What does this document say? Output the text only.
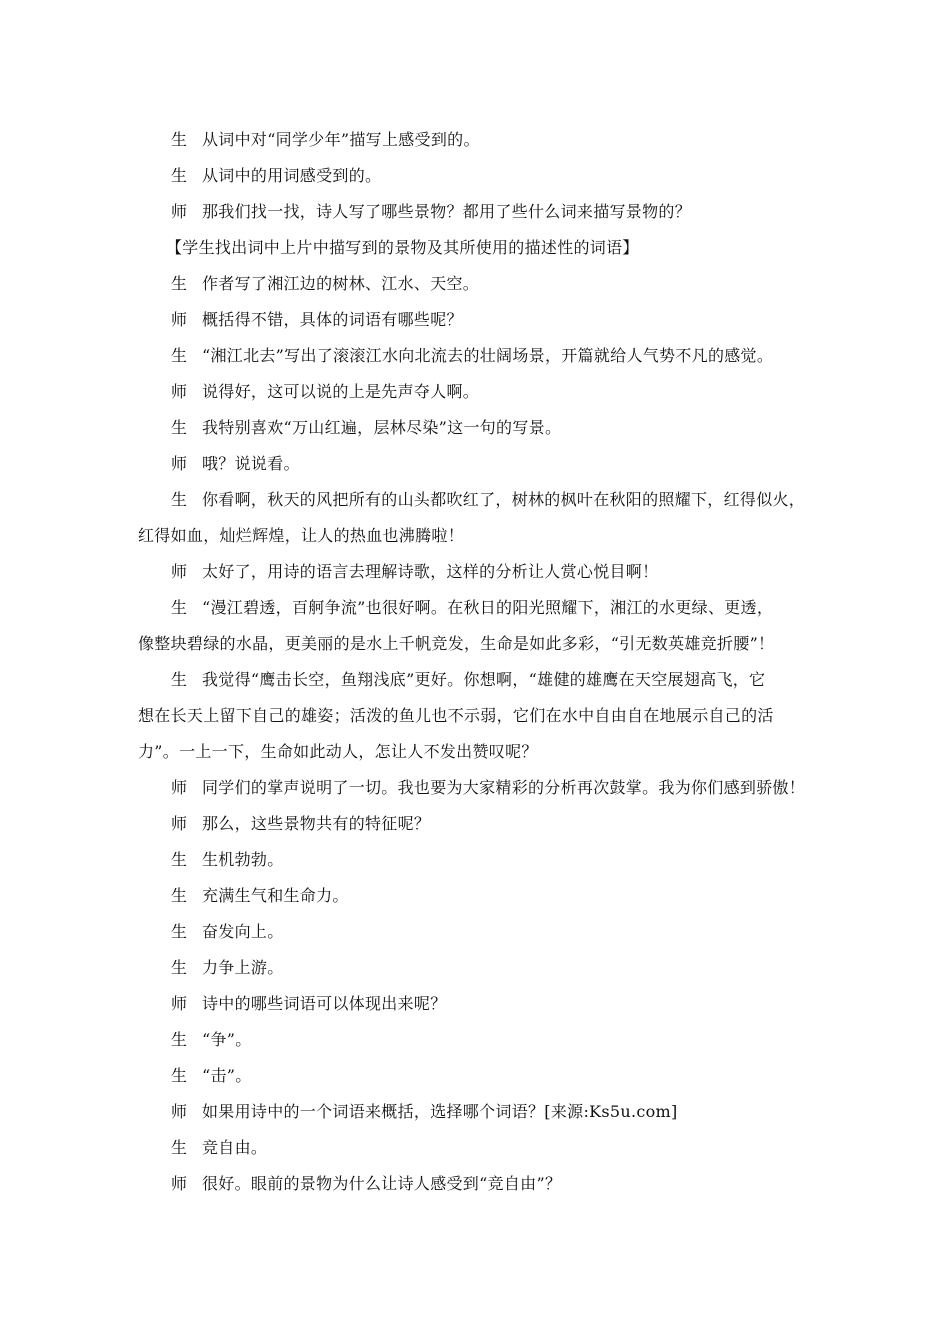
生 从词中对“同学少年”描写上感受到的。
生 从词中的用词感受到的。
师 那我们找一找，诗人写了哪些景物？都用了些什么词来描写景物的？
【学生找出词中上片中描写到的景物及其所使用的描述性的词语】
生 作者写了湘江边的树林、江水、天空。
师 概括得不错，具体的词语有哪些呢？
生 “湘江北去”写出了滚滚江水向北流去的壮阔场景，开篇就给人气势不凡的感觉。
师 说得好，这可以说的上是先声夺人啊。
生 我特别喜欢“万山红遍，层林尽染”这一句的写景。
师 哦？说说看。
生 你看啊，秋天的风把所有的山头都吹红了，树林的枫叶在秋阳的照耀下，红得似火，
红得如血，灿烂辉煌，让人的热血也沸腾啦！
师 太好了，用诗的语言去理解诗歌，这样的分析让人赏心悦目啊！
生 “漫江碧透，百舸争流”也很好啊。在秋日的阳光照耀下，湘江的水更绿、更透，
像整块碧绿的水晶，更美丽的是水上千帆竞发，生命是如此多彩，“引无数英雄竞折腰”！
生 我觉得“鹰击长空，鱼翔浅底”更好。你想啊，“雄健的雄鹰在天空展翅高飞，它
想在长天上留下自己的雄姿；活泼的鱼儿也不示弱，它们在水中自由自在地展示自己的活
力”。一上一下，生命如此动人，怎让人不发出赞叹呢？
师 同学们的掌声说明了一切。我也要为大家精彩的分析再次鼓掌。我为你们感到骄傲！
师 那么，这些景物共有的特征呢？
生 生机勃勃。
生 充满生气和生命力。
生 奋发向上。
生 力争上游。
师 诗中的哪些词语可以体现出来呢？
生 “争”。
生 “击”。
师 如果用诗中的一个词语来概括，选择哪个词语？[来源:Ks5u.com]
生 竞自由。
师 很好。眼前的景物为什么让诗人感受到“竞自由”？
